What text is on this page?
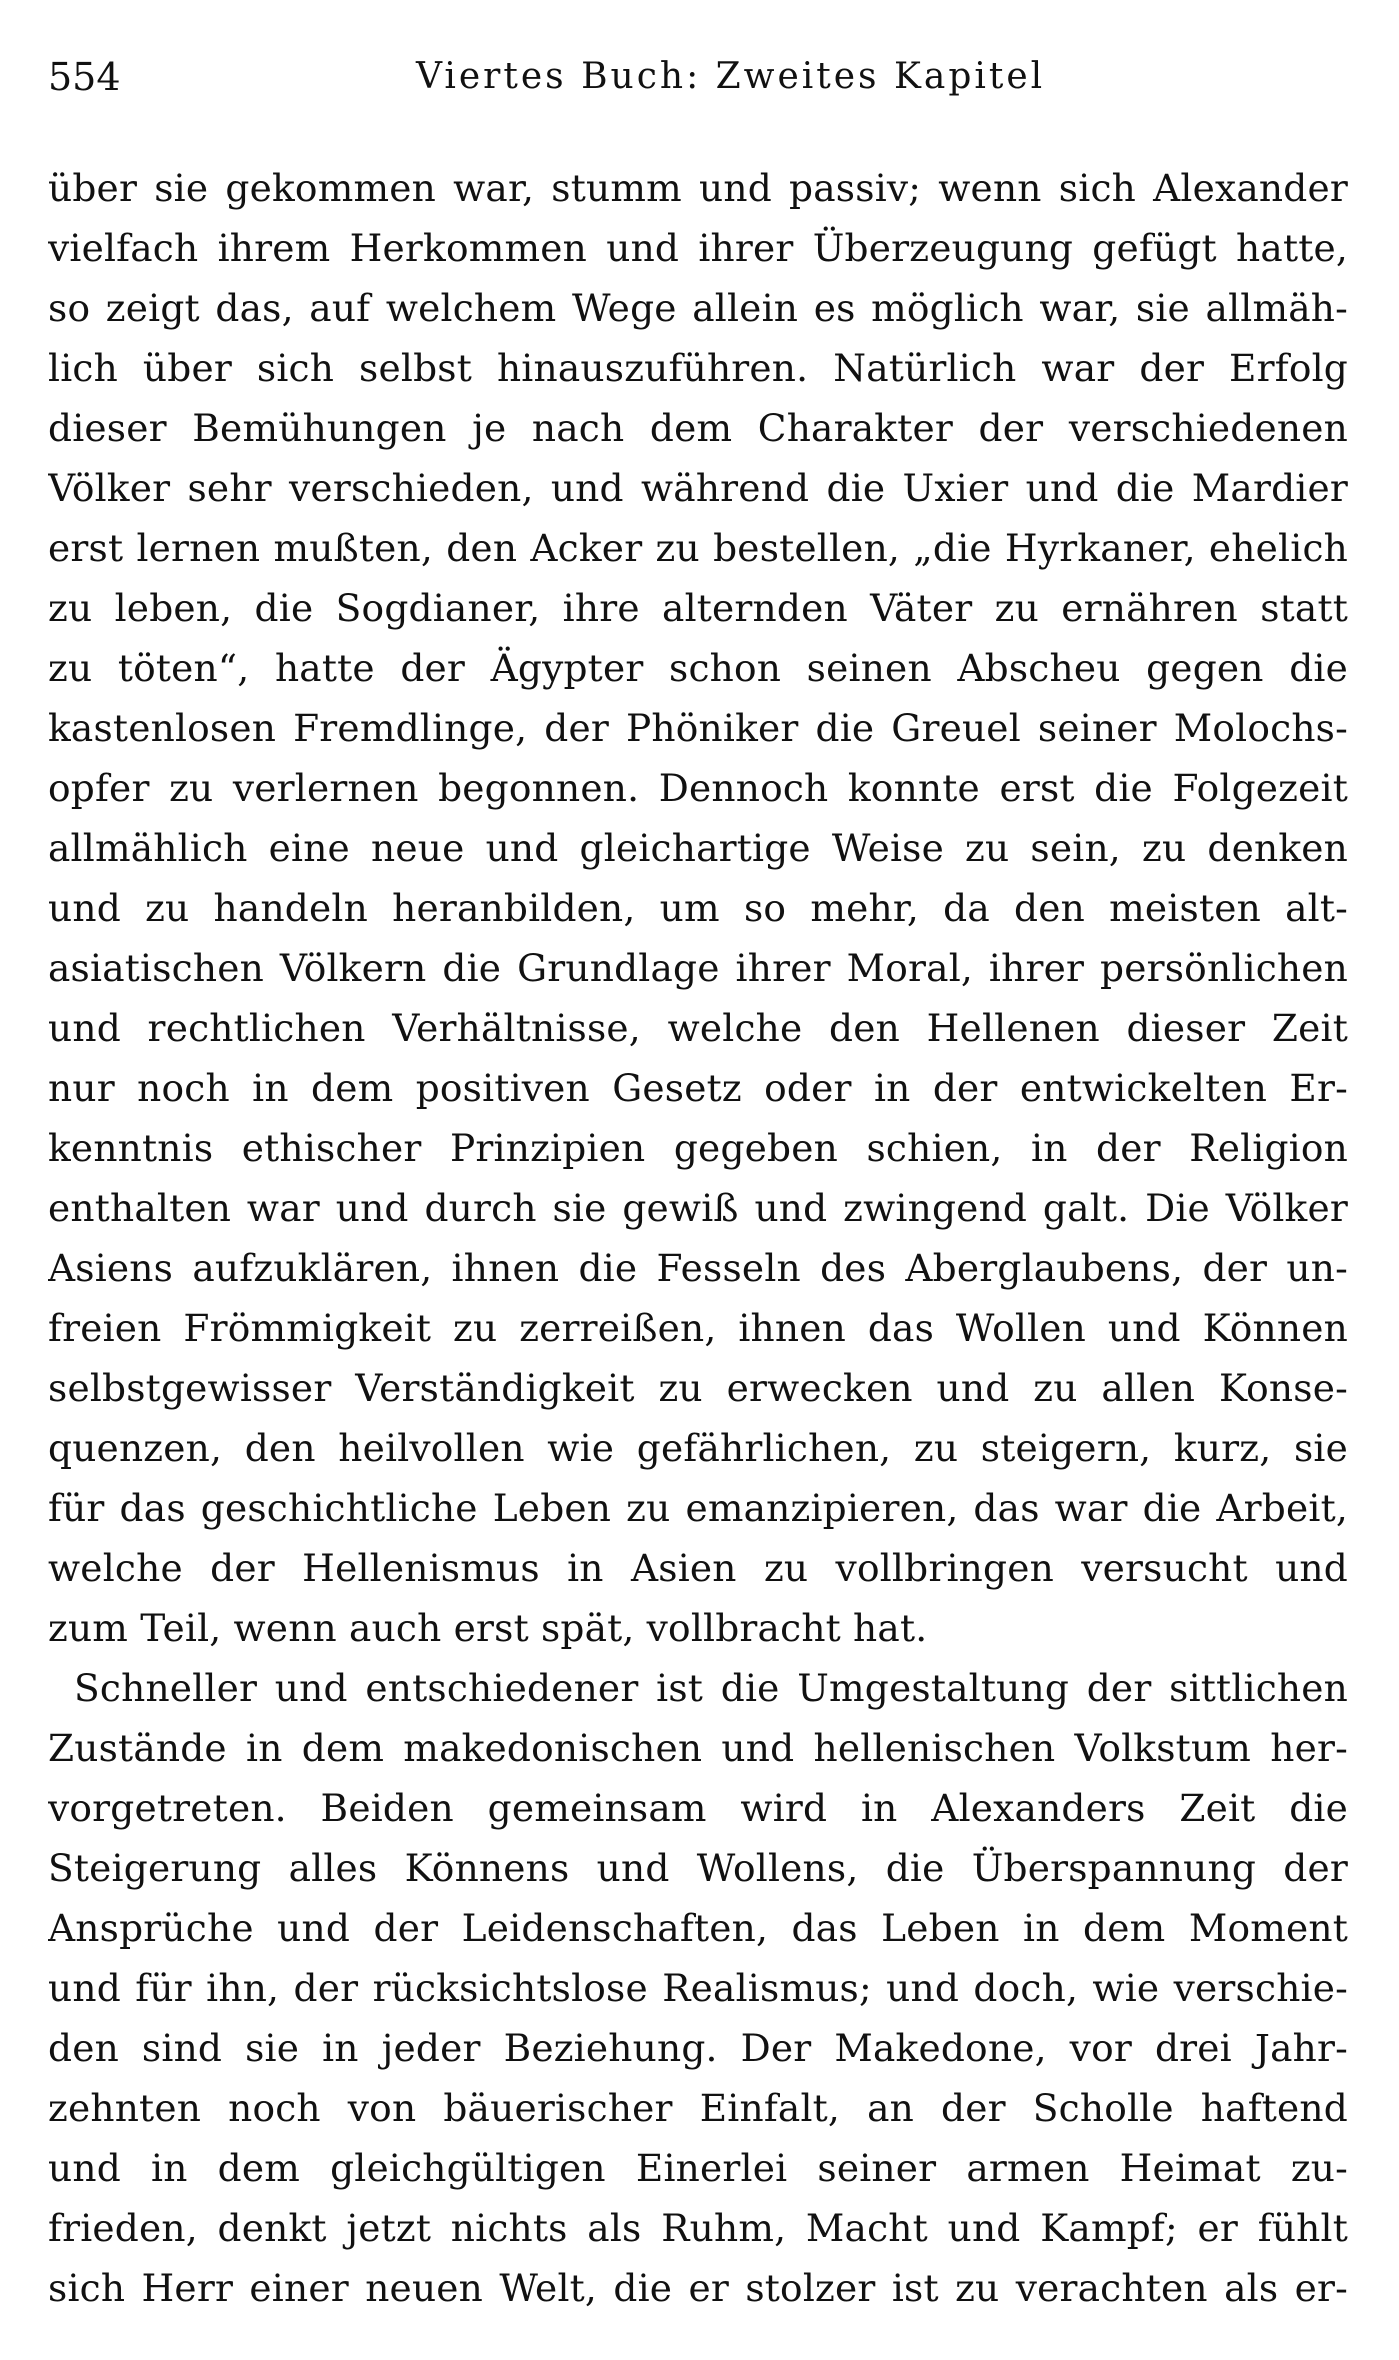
554	Viertes Buch: Zweites Kapitel
über sie gekommen war, stumm und passiv; wenn sich Alexander
vielfach ihrem Herkommen und ihrer Überzeugung gefügt hatte,
so zeigt das, auf welchem Wege allein es möglich war, sie allmäh-
lich über sich selbst hinauszuführen. Natürlich war der Erfolg
dieser Bemühungen je nach dem Charakter der verschiedenen
Völker sehr verschieden, und während die Uxier und die Mardier
erst lernen mußten, den Acker zu bestellen, „die Hyrkaner, ehelich
zu leben, die Sogdianer, ihre alternden Väter zu ernähren statt
zu töten“, hatte der Ägypter schon seinen Abscheu gegen die
kastenlosen Fremdlinge, der Phöniker die Greuel seiner Molochs-
opfer zu verlernen begonnen. Dennoch konnte erst die Folgezeit
allmählich eine neue und gleichartige Weise zu sein, zu denken
und zu handeln heranbilden, um so mehr, da den meisten alt-
asiatischen Völkern die Grundlage ihrer Moral, ihrer persönlichen
und rechtlichen Verhältnisse, welche den Hellenen dieser Zeit
nur noch in dem positiven Gesetz oder in der entwickelten Er-
kenntnis ethischer Prinzipien gegeben schien, in der Religion
enthalten war und durch sie gewiß und zwingend galt. Die Völker
Asiens aufzuklären, ihnen die Fesseln des Aberglaubens, der un-
freien Frömmigkeit zu zerreißen, ihnen das Wollen und Können
selbstgewisser Verständigkeit zu erwecken und zu allen Konse-
quenzen, den heilvollen wie gefährlichen, zu steigern, kurz, sie
für das geschichtliche Leben zu emanzipieren, das war die Arbeit,
welche der Hellenismus in Asien zu vollbringen versucht und
zum Teil, wenn auch erst spät, vollbracht hat.
Schneller und entschiedener ist die Umgestaltung der sittlichen
Zustände in dem makedonischen und hellenischen Volkstum her-
vorgetreten. Beiden gemeinsam wird in Alexanders Zeit die
Steigerung alles Könnens und Wollens, die Überspannung der
Ansprüche und der Leidenschaften, das Leben in dem Moment
und für ihn, der rücksichtslose Realismus; und doch, wie verschie-
den sind sie in jeder Beziehung. Der Makedone, vor drei Jahr-
zehnten noch von bäuerischer Einfalt, an der Scholle haftend
und in dem gleichgültigen Einerlei seiner armen Heimat zu-
frieden, denkt jetzt nichts als Ruhm, Macht und Kampf; er fühlt
sich Herr einer neuen Welt, die er stolzer ist zu verachten als er-
